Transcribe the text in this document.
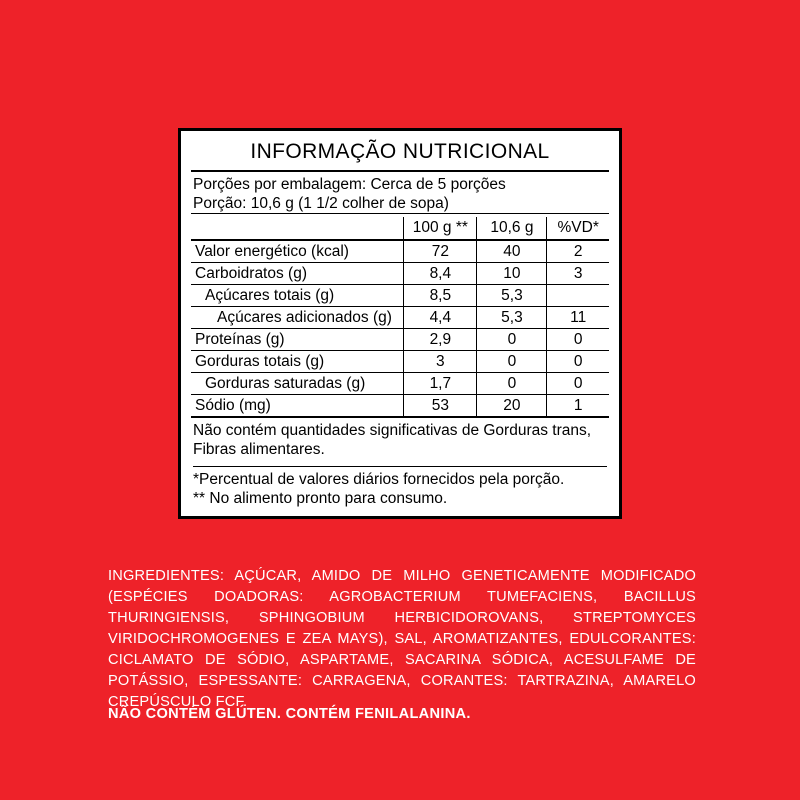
INFORMAÇÃO NUTRICIONAL
Porções por embalagem: Cerca de 5 porções
Porção: 10,6 g (1 1/2 colher de sopa)
	100 g **	10,6 g	%VD*
Valor energético (kcal)	72	40	2
Carboidratos (g)	8,4	10	3
Açúcares totais (g)	8,5	5,3	
Açúcares adicionados (g)	4,4	5,3	11
Proteínas (g)	2,9	0	0
Gorduras totais (g)	3	0	0
Gorduras saturadas (g)	1,7	0	0
Sódio (mg)	53	20	1
Não contém quantidades significativas de Gorduras trans, Fibras alimentares.
*Percentual de valores diários fornecidos pela porção.
** No alimento pronto para consumo.
INGREDIENTES: AÇÚCAR, AMIDO DE MILHO GENETICAMENTE MODIFICADO (ESPÉCIES DOADORAS: AGROBACTERIUM TUMEFACIENS, BACILLUS THURINGIENSIS, SPHINGOBIUM HERBICIDOROVANS, STREPTOMYCES VIRIDOCHROMOGENES E ZEA MAYS), SAL, AROMATIZANTES, EDULCORANTES: CICLAMATO DE SÓDIO, ASPARTAME, SACARINA SÓDICA, ACESULFAME DE POTÁSSIO, ESPESSANTE: CARRAGENA, CORANTES: TARTRAZINA, AMARELO CREPÚSCULO FCF.
NÃO CONTÉM GLÚTEN. CONTÉM FENILALANINA.
